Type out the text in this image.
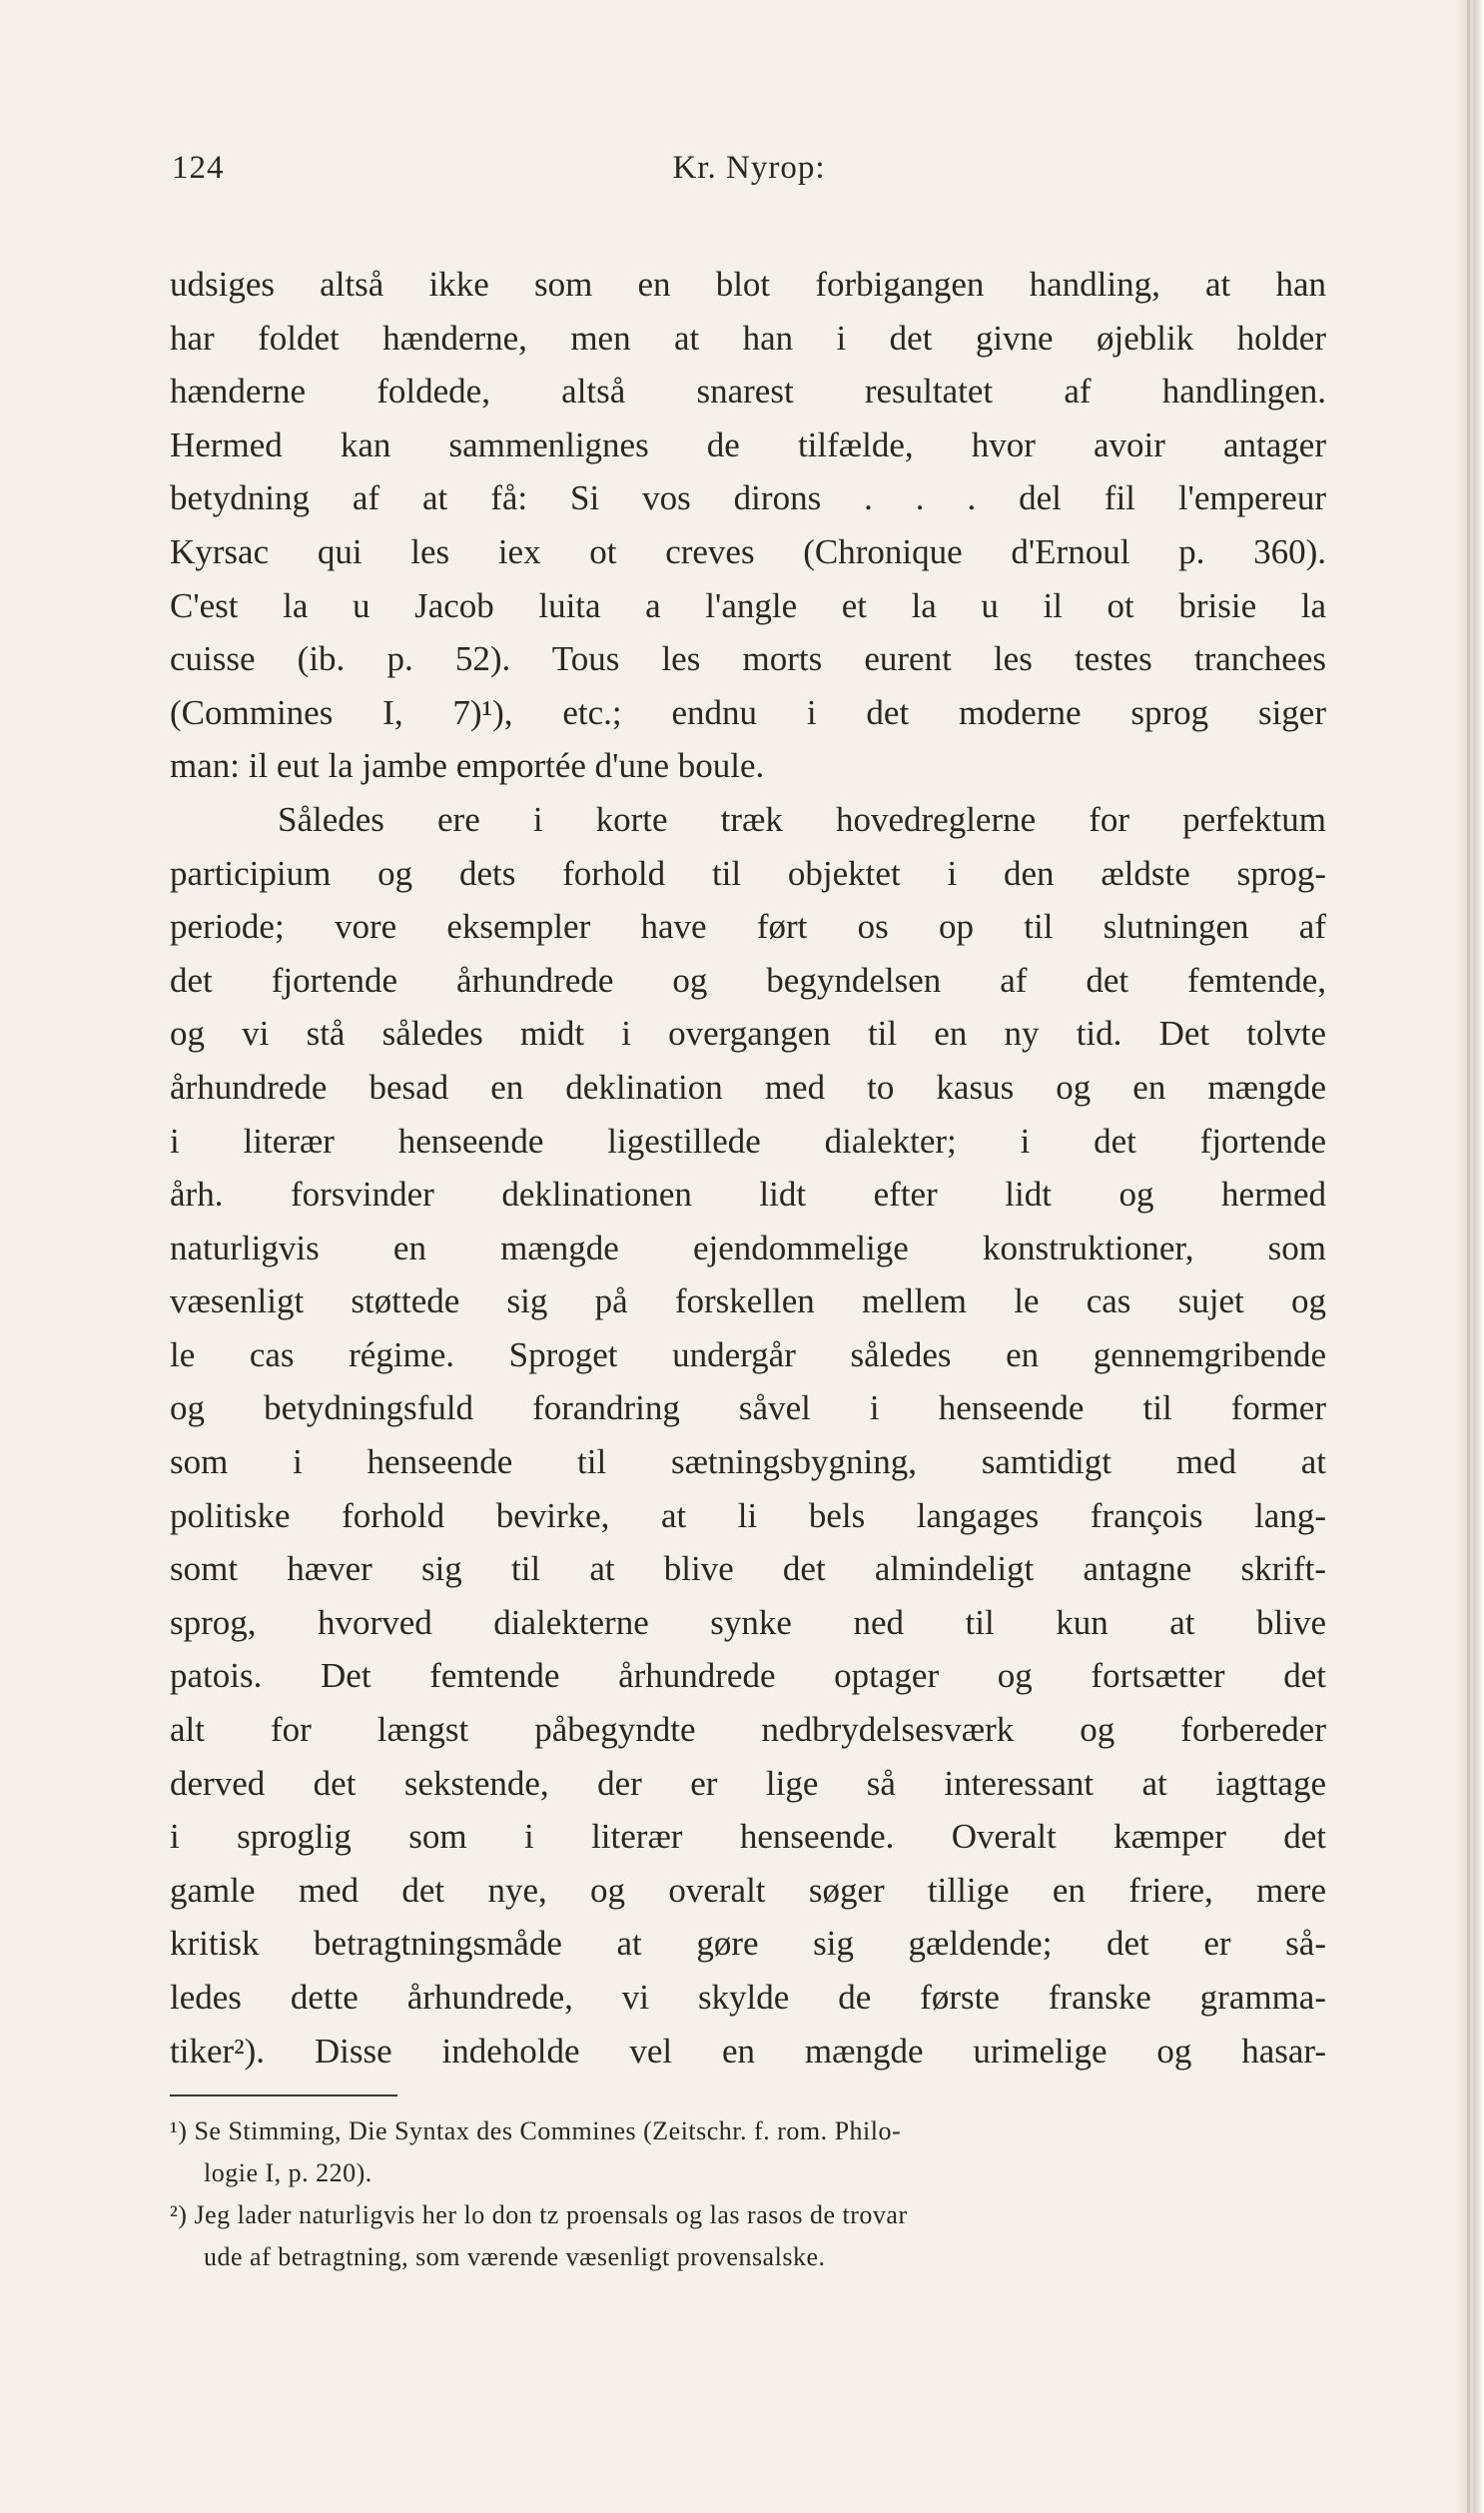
124	Kr. Nyrop:
udsiges altså ikke som en blot forbigangen handling, at han
har foldet hænderne, men at han i det givne øjeblik holder
hænderne foldede, altså snarest resultatet af handlingen.
Hermed kan sammenlignes de tilfælde, hvor avoir antager
betydning af at få: Si vos dirons . . . del fil l'empereur
Kyrsac qui les iex ot creves (Chronique d'Ernoul p. 360).
C'est la u Jacob luita a l'angle et la u il ot brisie la
cuisse (ib. p. 52). Tous les morts eurent les testes tranchees
(Commines I, 7)¹), etc.; endnu i det moderne sprog siger
man: il eut la jambe emportée d'une boule.
Således ere i korte træk hovedreglerne for perfektum
participium og dets forhold til objektet i den ældste sprog-
periode; vore eksempler have ført os op til slutningen af
det fjortende århundrede og begyndelsen af det femtende,
og vi stå således midt i overgangen til en ny tid. Det tolvte
århundrede besad en deklination med to kasus og en mængde
i literær henseende ligestillede dialekter; i det fjortende
årh. forsvinder deklinationen lidt efter lidt og hermed
naturligvis en mængde ejendommelige konstruktioner, som
væsenligt støttede sig på forskellen mellem le cas sujet og
le cas régime. Sproget undergår således en gennemgribende
og betydningsfuld forandring såvel i henseende til former
som i henseende til sætningsbygning, samtidigt med at
politiske forhold bevirke, at li bels langages françois lang-
somt hæver sig til at blive det almindeligt antagne skrift-
sprog, hvorved dialekterne synke ned til kun at blive
patois. Det femtende århundrede optager og fortsætter det
alt for længst påbegyndte nedbrydelsesværk og forbereder
derved det sekstende, der er lige så interessant at iagttage
i sproglig som i literær henseende. Overalt kæmper det
gamle med det nye, og overalt søger tillige en friere, mere
kritisk betragtningsmåde at gøre sig gældende; det er så-
ledes dette århundrede, vi skylde de første franske gramma-
tiker²). Disse indeholde vel en mængde urimelige og hasar-
¹) Se Stimming, Die Syntax des Commines (Zeitschr. f. rom. Philo-
logie I, p. 220).
²) Jeg lader naturligvis her lo don tz proensals og las rasos de trovar
ude af betragtning, som værende væsenligt provensalske.
